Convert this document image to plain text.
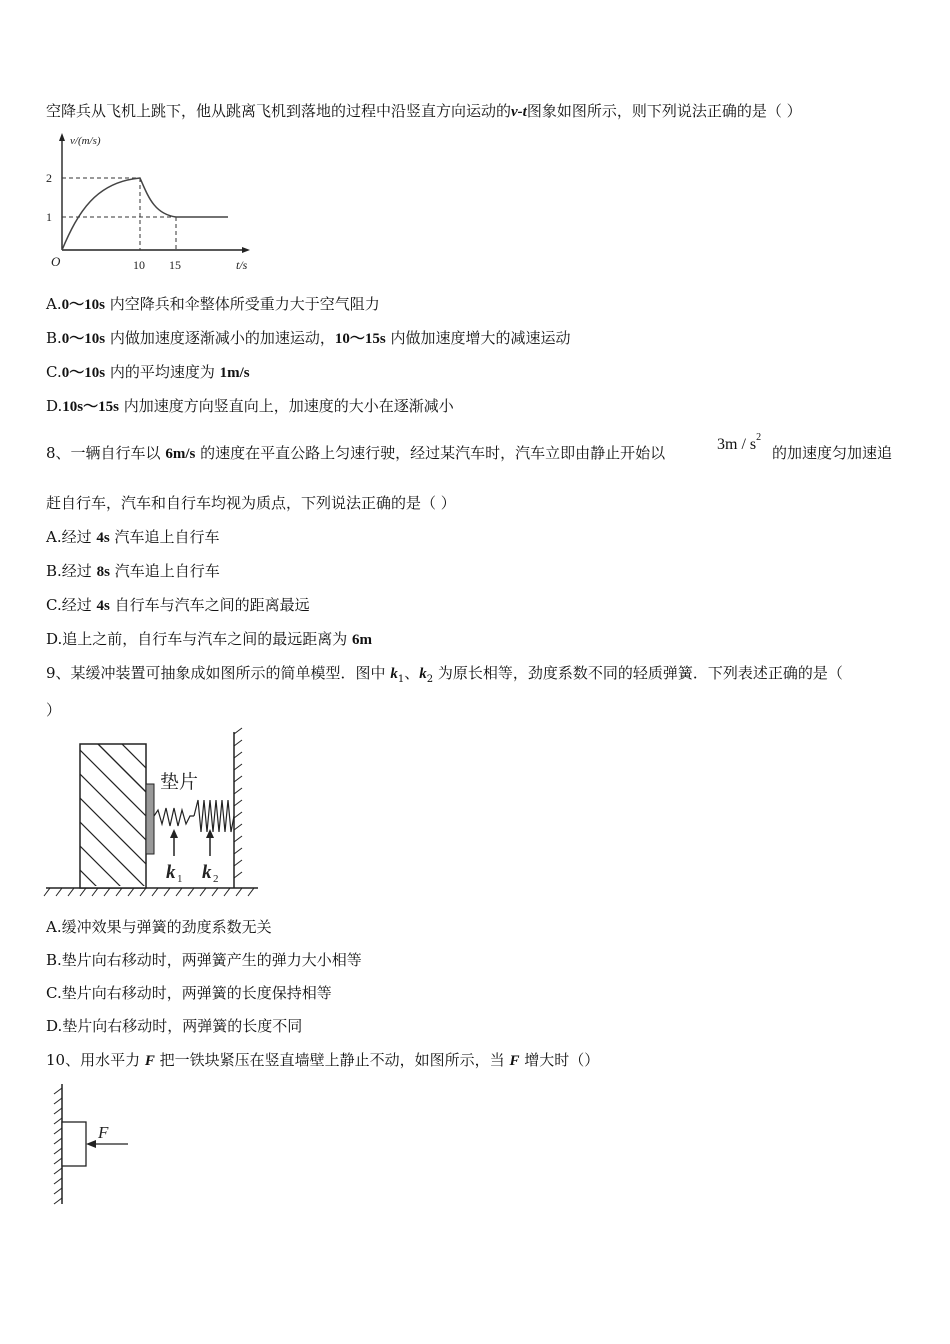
空降兵从飞机上跳下，他从跳离飞机到落地的过程中沿竖直方向运动的v-t图象如图所示，则下列说法正确的是（ ）
v/(m/s)
t/s
O
2
1
10 15
A.0～10s 内空降兵和伞整体所受重力大于空气阻力
B.0～10s 内做加速度逐渐减小的加速运动，10～15s 内做加速度增大的减速运动
C.0～10s 内的平均速度为 1m/s
D.10s～15s 内加速度方向竖直向上，加速度的大小在逐渐减小
8、一辆自行车以 6m/s 的速度在平直公路上匀速行驶，经过某汽车时，汽车立即由静止开始以	$3m / s^2$
的加速度匀加速追
赶自行车，汽车和自行车均视为质点，下列说法正确的是（ ）
A.经过 4s 汽车追上自行车
B.经过 8s 汽车追上自行车
C.经过 4s 自行车与汽车之间的距离最远
D.追上之前，自行车与汽车之间的最远距离为 6m
9、某缓冲装置可抽象成如图所示的简单模型．图中 $k_1$、$k_2$ 为原长相等，劲度系数不同的轻质弹簧．下列表述正确的是（
）
垫片
k 1 k 2
A.缓冲效果与弹簧的劲度系数无关
B.垫片向右移动时，两弹簧产生的弹力大小相等
C.垫片向右移动时，两弹簧的长度保持相等
D.垫片向右移动时，两弹簧的长度不同
10、用水平力 F 把一铁块紧压在竖直墙壁上静止不动，如图所示，当 F 增大时（）
F
